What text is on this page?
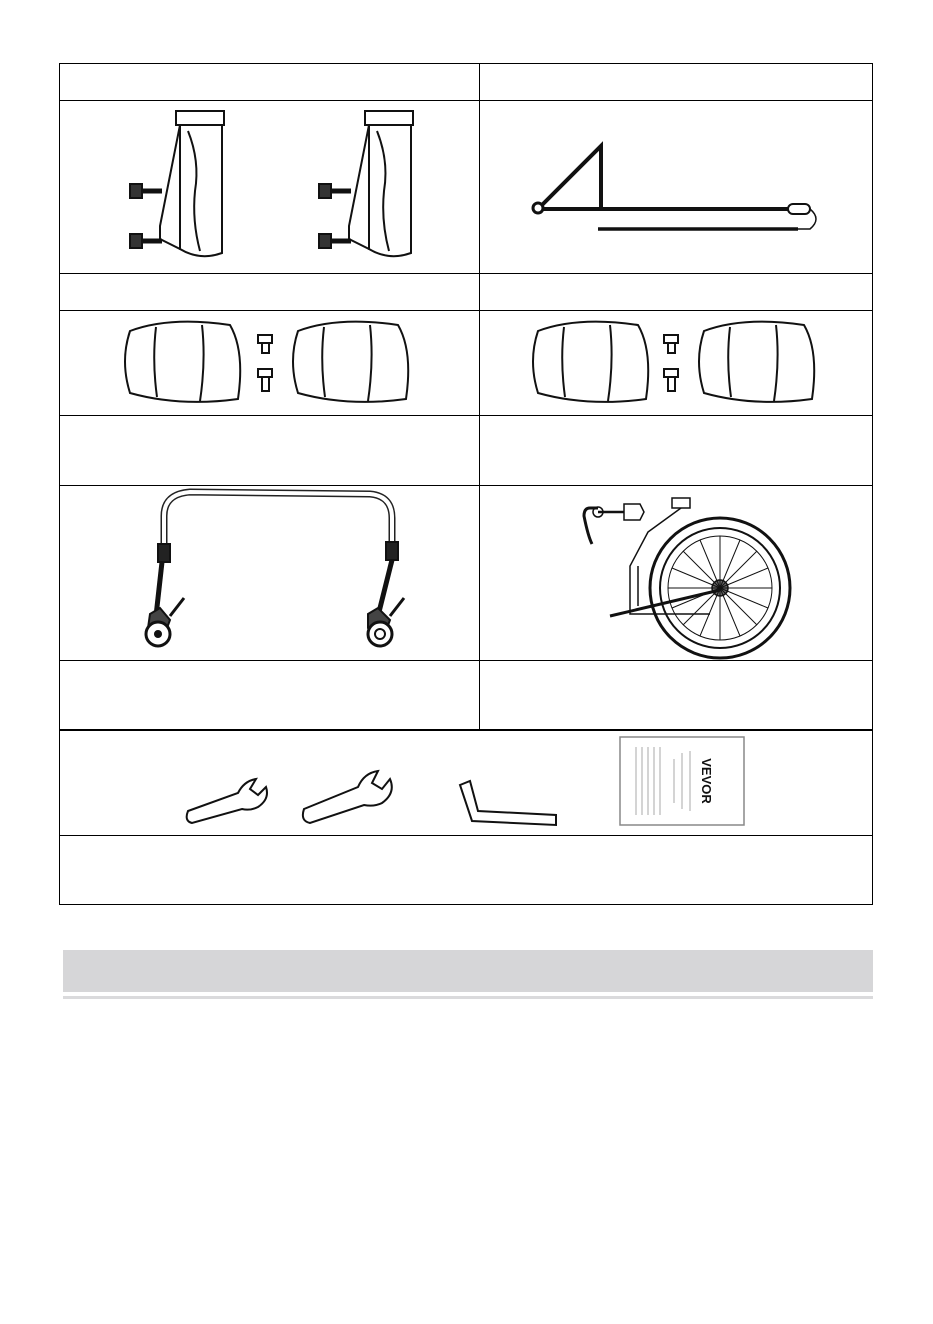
VEVOR
